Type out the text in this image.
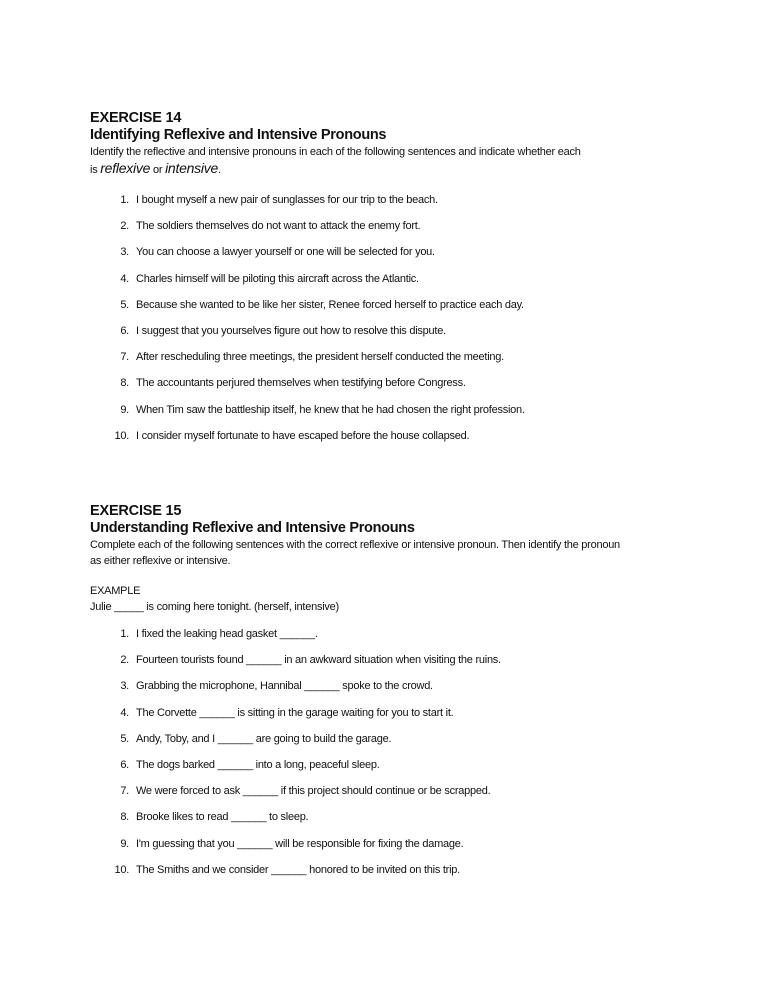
EXERCISE 14
Identifying Reflexive and Intensive Pronouns
Identify the reflective and intensive pronouns in each of the following sentences and indicate whether each
is reflexive or intensive.
1. I bought myself a new pair of sunglasses for our trip to the beach.
2. The soldiers themselves do not want to attack the enemy fort.
3. You can choose a lawyer yourself or one will be selected for you.
4. Charles himself will be piloting this aircraft across the Atlantic.
5. Because she wanted to be like her sister, Renee forced herself to practice each day.
6. I suggest that you yourselves figure out how to resolve this dispute.
7. After rescheduling three meetings, the president herself conducted the meeting.
8. The accountants perjured themselves when testifying before Congress.
9. When Tim saw the battleship itself, he knew that he had chosen the right profession.
10. I consider myself fortunate to have escaped before the house collapsed.
EXERCISE 15
Understanding Reflexive and Intensive Pronouns
Complete each of the following sentences with the correct reflexive or intensive pronoun. Then identify the pronoun
as either reflexive or intensive.
EXAMPLE
Julie _____ is coming here tonight. (herself, intensive)
1. I fixed the leaking head gasket ______.
2. Fourteen tourists found ______ in an awkward situation when visiting the ruins.
3. Grabbing the microphone, Hannibal ______ spoke to the crowd.
4. The Corvette ______ is sitting in the garage waiting for you to start it.
5. Andy, Toby, and I ______ are going to build the garage.
6. The dogs barked ______ into a long, peaceful sleep.
7. We were forced to ask ______ if this project should continue or be scrapped.
8. Brooke likes to read ______ to sleep.
9. I'm guessing that you ______ will be responsible for fixing the damage.
10. The Smiths and we consider ______ honored to be invited on this trip.
